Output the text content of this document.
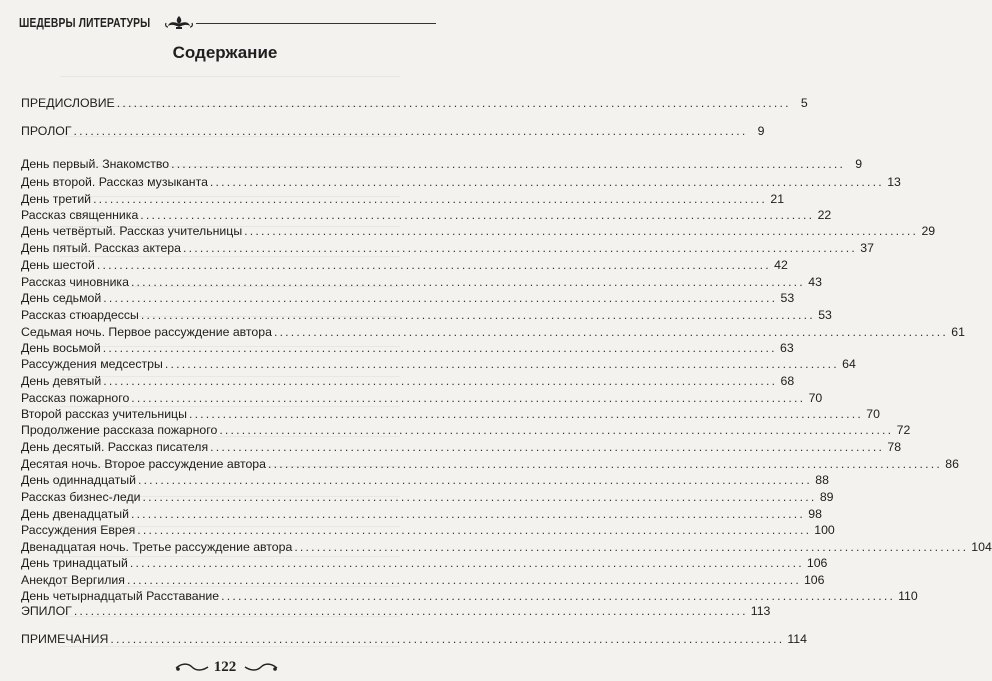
ШЕДЕВРЫ ЛИТЕРАТУРЫ
Содержание
ПРЕДИСЛОВИЕ ........................................................................................................................ 5
ПРОЛОГ ........................................................................................................................ 9
День первый. Знакомство ........................................................................................................................ 9
День второй. Рассказ музыканта ........................................................................................................................ 13
День третий ........................................................................................................................ 21
Рассказ священника ........................................................................................................................ 22
День четвёртый. Рассказ учительницы ........................................................................................................................ 29
День пятый. Рассказ актера ........................................................................................................................ 37
День шестой ........................................................................................................................ 42
Рассказ чиновника ........................................................................................................................ 43
День седьмой ........................................................................................................................ 53
Рассказ стюардессы ........................................................................................................................ 53
Седьмая ночь. Первое рассуждение автора ........................................................................................................................ 61
День восьмой ........................................................................................................................ 63
Рассуждения медсестры ........................................................................................................................ 64
День девятый ........................................................................................................................ 68
Рассказ пожарного ........................................................................................................................ 70
Второй рассказ учительницы ........................................................................................................................ 70
Продолжение рассказа пожарного ........................................................................................................................ 72
День десятый. Рассказ писателя ........................................................................................................................ 78
Десятая ночь. Второе рассуждение автора ........................................................................................................................ 86
День одиннадцатый ........................................................................................................................ 88
Рассказ бизнес-леди ........................................................................................................................ 89
День двенадцатый ........................................................................................................................ 98
Рассуждения Еврея ........................................................................................................................ 100
Двенадцатая ночь. Третье рассуждение автора ........................................................................................................................ 104
День тринадцатый ........................................................................................................................ 106
Анекдот Вергилия ........................................................................................................................ 106
День четырнадцатый Расставание ........................................................................................................................ 110
ЭПИЛОГ ........................................................................................................................ 113
ПРИМЕЧАНИЯ ........................................................................................................................ 114
122
